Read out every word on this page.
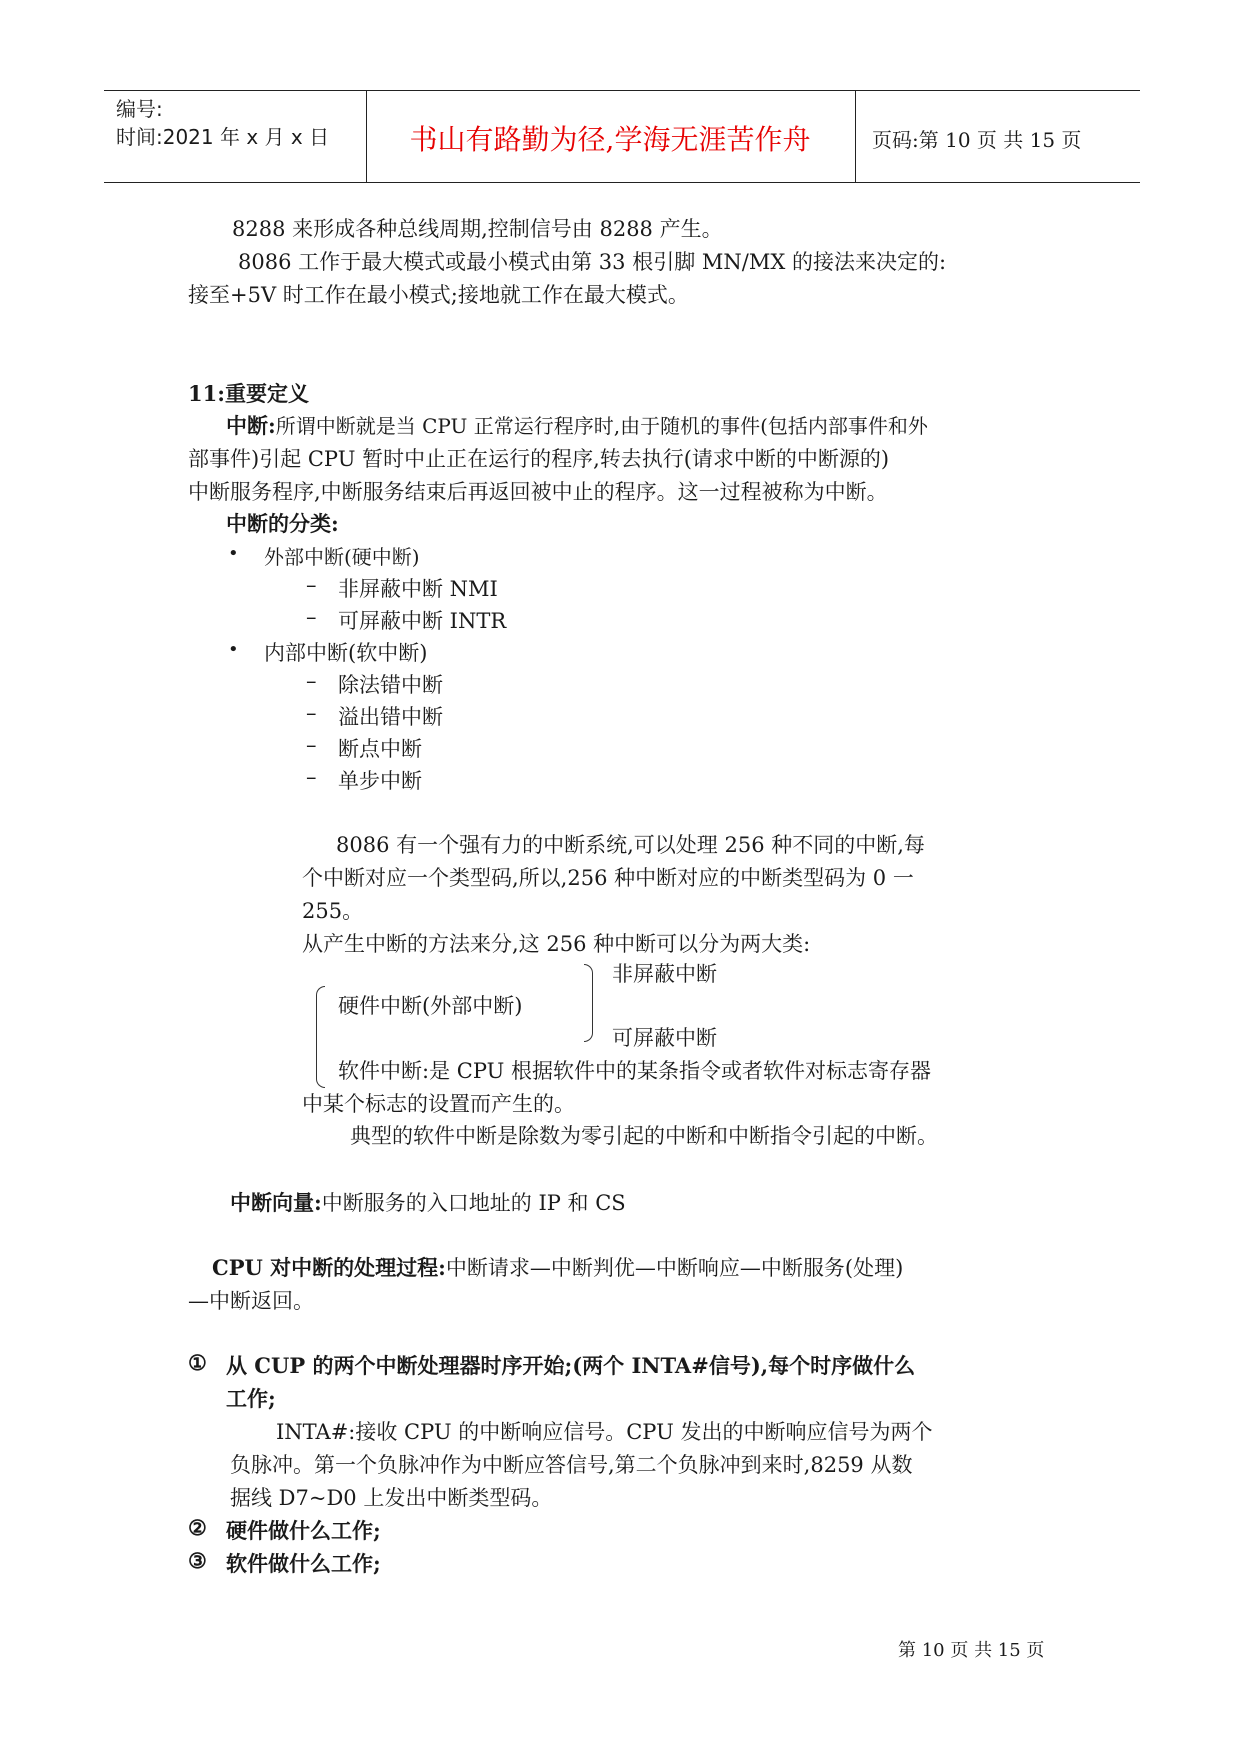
编号:
时间:2021 年 x 月 x 日	书山有路勤为径,学海无涯苦作舟	页码:第 10 页 共 15 页
8288 来形成各种总线周期,控制信号由 8288 产生。
8086 工作于最大模式或最小模式由第 33 根引脚 MN/MX 的接法来决定的:
接至+5V 时工作在最小模式;接地就工作在最大模式。
11:重要定义
中断:所谓中断就是当 CPU 正常运行程序时,由于随机的事件(包括内部事件和外
部事件)引起 CPU 暂时中止正在运行的程序,转去执行(请求中断的中断源的)
中断服务程序,中断服务结束后再返回被中止的程序。这一过程被称为中断。
中断的分类:
• 外部中断(硬中断)
– 非屏蔽中断 NMI
– 可屏蔽中断 INTR
• 内部中断(软中断)
– 除法错中断
– 溢出错中断
– 断点中断
– 单步中断
8086 有一个强有力的中断系统,可以处理 256 种不同的中断,每
个中断对应一个类型码,所以,256 种中断对应的中断类型码为 0 一
255。
从产生中断的方法来分,这 256 种中断可以分为两大类:
非屏蔽中断
硬件中断(外部中断)
可屏蔽中断
软件中断:是 CPU 根据软件中的某条指令或者软件对标志寄存器
中某个标志的设置而产生的。
典型的软件中断是除数为零引起的中断和中断指令引起的中断。
中断向量:中断服务的入口地址的 IP 和 CS
CPU 对中断的处理过程:中断请求—中断判优—中断响应—中断服务(处理)
—中断返回。
① 从 CUP 的两个中断处理器时序开始;(两个 INTA#信号),每个时序做什么
工作;
INTA#:接收 CPU 的中断响应信号。CPU 发出的中断响应信号为两个
负脉冲。第一个负脉冲作为中断应答信号,第二个负脉冲到来时,8259 从数
据线 D7~D0 上发出中断类型码。
② 硬件做什么工作;
③ 软件做什么工作;
第 10 页 共 15 页
